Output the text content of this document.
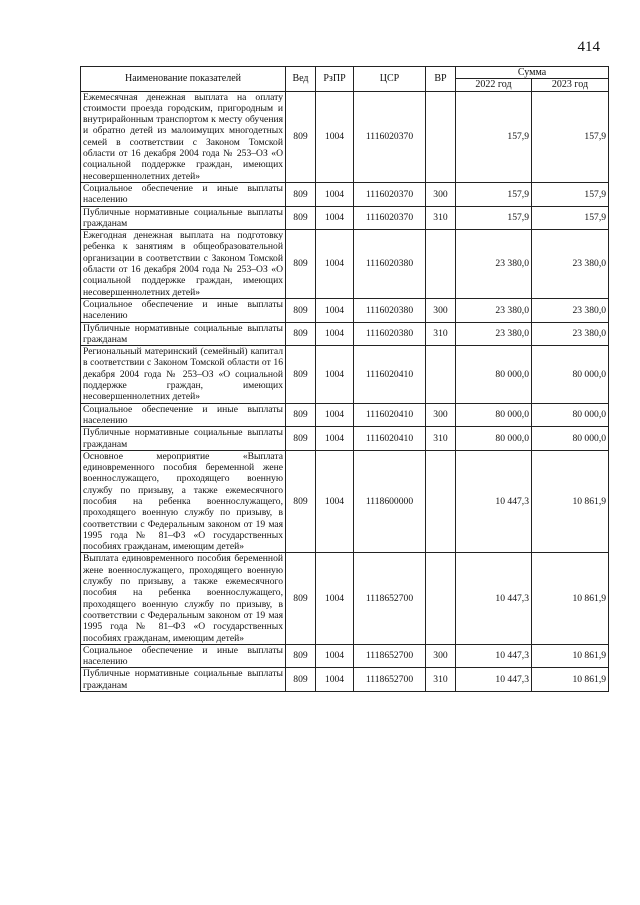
414
Наименование показателей	Вед	РзПР	ЦСР	ВР	Сумма	
					2022 год	2023 год
Ежемесячная денежная выплата на оплату стоимости проезда городским, пригородным и внутрирайонным транспортом к месту обучения и обратно детей из малоимущих многодетных семей в соответствии с Законом Томской области от 16 декабря 2004 года № 253–ОЗ «О социальной поддержке граждан, имеющих несовершеннолетних детей»	809	1004	1116020370		157,9	157,9
Социальное обеспечение и иные выплаты населению	809	1004	1116020370	300	157,9	157,9
Публичные нормативные социальные выплаты гражданам	809	1004	1116020370	310	157,9	157,9
Ежегодная денежная выплата на подготовку ребенка к занятиям в общеобразовательной организации в соответствии с Законом Томской области от 16 декабря 2004 года № 253–ОЗ «О социальной поддержке граждан, имеющих несовершеннолетних детей»	809	1004	1116020380		23 380,0	23 380,0
Социальное обеспечение и иные выплаты населению	809	1004	1116020380	300	23 380,0	23 380,0
Публичные нормативные социальные выплаты гражданам	809	1004	1116020380	310	23 380,0	23 380,0
Региональный материнский (семейный) капитал в соответствии с Законом Томской области от 16 декабря 2004 года № 253–ОЗ «О социальной поддержке граждан, имеющих несовершеннолетних детей»	809	1004	1116020410		80 000,0	80 000,0
Социальное обеспечение и иные выплаты населению	809	1004	1116020410	300	80 000,0	80 000,0
Публичные нормативные социальные выплаты гражданам	809	1004	1116020410	310	80 000,0	80 000,0
Основное мероприятие «Выплата единовременного пособия беременной жене военнослужащего, проходящего военную службу по призыву, а также ежемесячного пособия на ребенка военнослужащего, проходящего военную службу по призыву, в соответствии с Федеральным законом от 19 мая 1995 года № 81–ФЗ «О государственных пособиях гражданам, имеющим детей»	809	1004	1118600000		10 447,3	10 861,9
Выплата единовременного пособия беременной жене военнослужащего, проходящего военную службу по призыву, а также ежемесячного пособия на ребенка военнослужащего, проходящего военную службу по призыву, в соответствии с Федеральным законом от 19 мая 1995 года № 81–ФЗ «О государственных пособиях гражданам, имеющим детей»	809	1004	1118652700		10 447,3	10 861,9
Социальное обеспечение и иные выплаты населению	809	1004	1118652700	300	10 447,3	10 861,9
Публичные нормативные социальные выплаты гражданам	809	1004	1118652700	310	10 447,3	10 861,9
